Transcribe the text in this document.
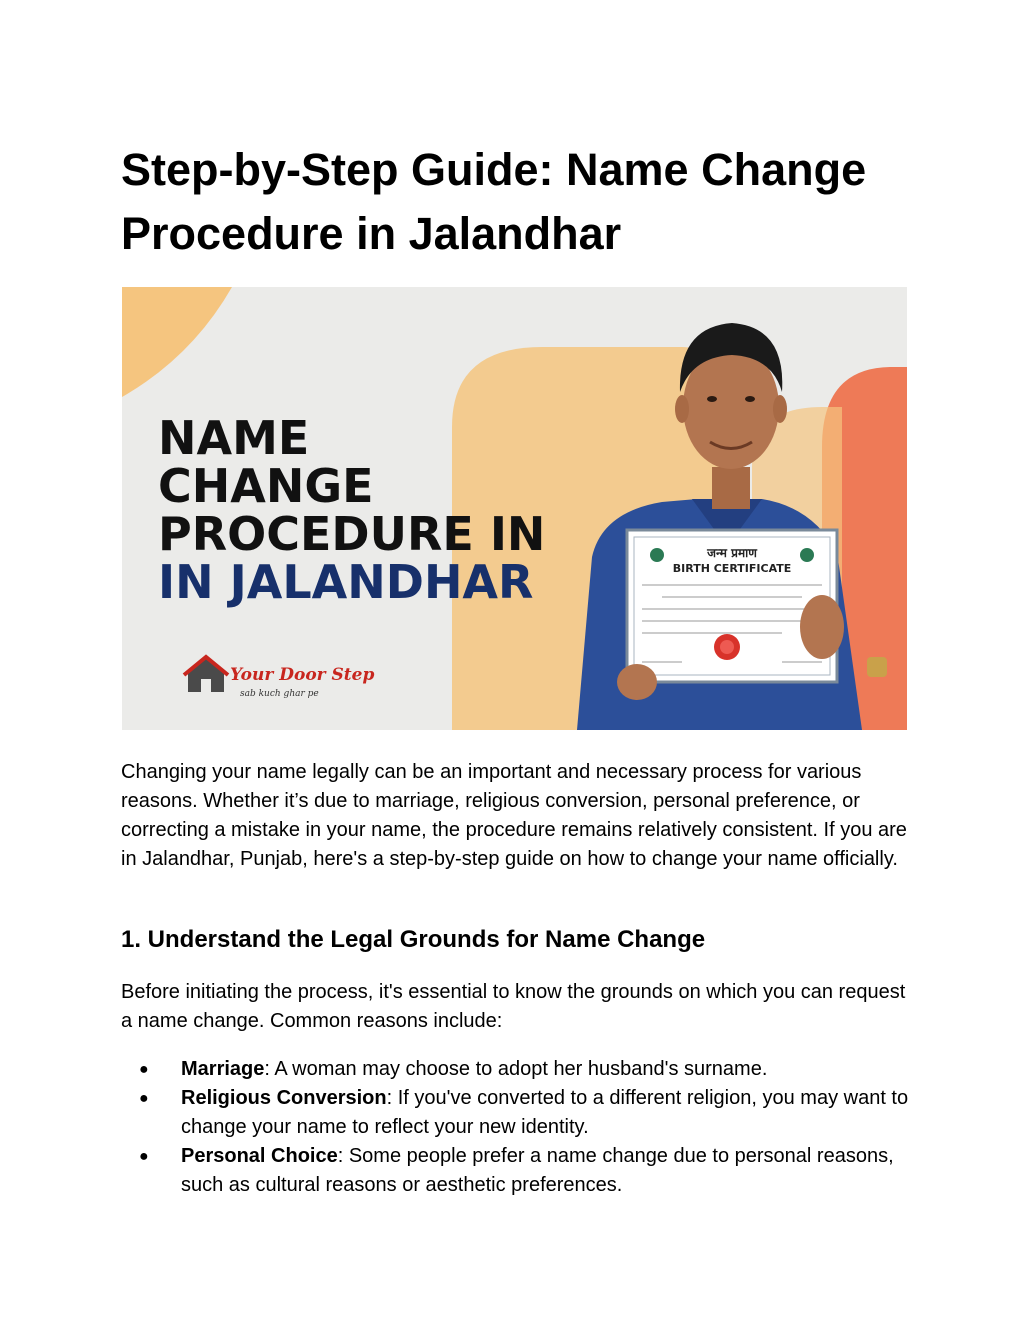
Step-by-Step Guide: Name Change Procedure in Jalandhar
NAME
CHANGE
PROCEDURE IN
IN JALANDHAR
Your Door Step
sab kuch ghar pe
जन्म प्रमाण
BIRTH CERTIFICATE

Changing your name legally can be an important and necessary process for various reasons. Whether it’s due to marriage, religious conversion, personal preference, or correcting a mistake in your name, the procedure remains relatively consistent. If you are in Jalandhar, Punjab, here's a step-by-step guide on how to change your name officially.

1. Understand the Legal Grounds for Name Change

Before initiating the process, it's essential to know the grounds on which you can request a name change. Common reasons include:

● Marriage: A woman may choose to adopt her husband's surname.
● Religious Conversion: If you've converted to a different religion, you may want to change your name to reflect your new identity.
● Personal Choice: Some people prefer a name change due to personal reasons, such as cultural reasons or aesthetic preferences.
